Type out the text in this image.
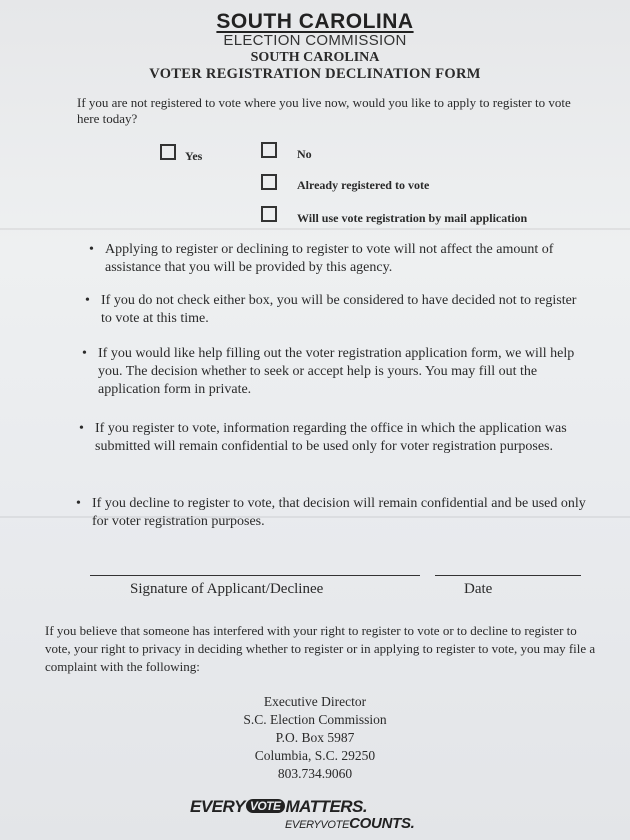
SOUTH CAROLINA
ELECTION COMMISSION
SOUTH CAROLINA
VOTER REGISTRATION DECLINATION FORM
If you are not registered to vote where you live now, would you like to apply to register to vote here today?
Yes	No
Already registered to vote
Will use vote registration by mail application
• Applying to register or declining to register to vote will not affect the amount of assistance that you will be provided by this agency.
• If you do not check either box, you will be considered to have decided not to register to vote at this time.
• If you would like help filling out the voter registration application form, we will help you. The decision whether to seek or accept help is yours. You may fill out the application form in private.
• If you register to vote, information regarding the office in which the application was submitted will remain confidential to be used only for voter registration purposes.
• If you decline to register to vote, that decision will remain confidential and be used only for voter registration purposes.
Signature of Applicant/Declinee	Date
If you believe that someone has interfered with your right to register to vote or to decline to register to vote, your right to privacy in deciding whether to register or in applying to register to vote, you may file a complaint with the following:
Executive Director
S.C. Election Commission
P.O. Box 5987
Columbia, S.C. 29250
803.734.9060
EVERY VOTE MATTERS.
EVERYVOTECOUNTS.
